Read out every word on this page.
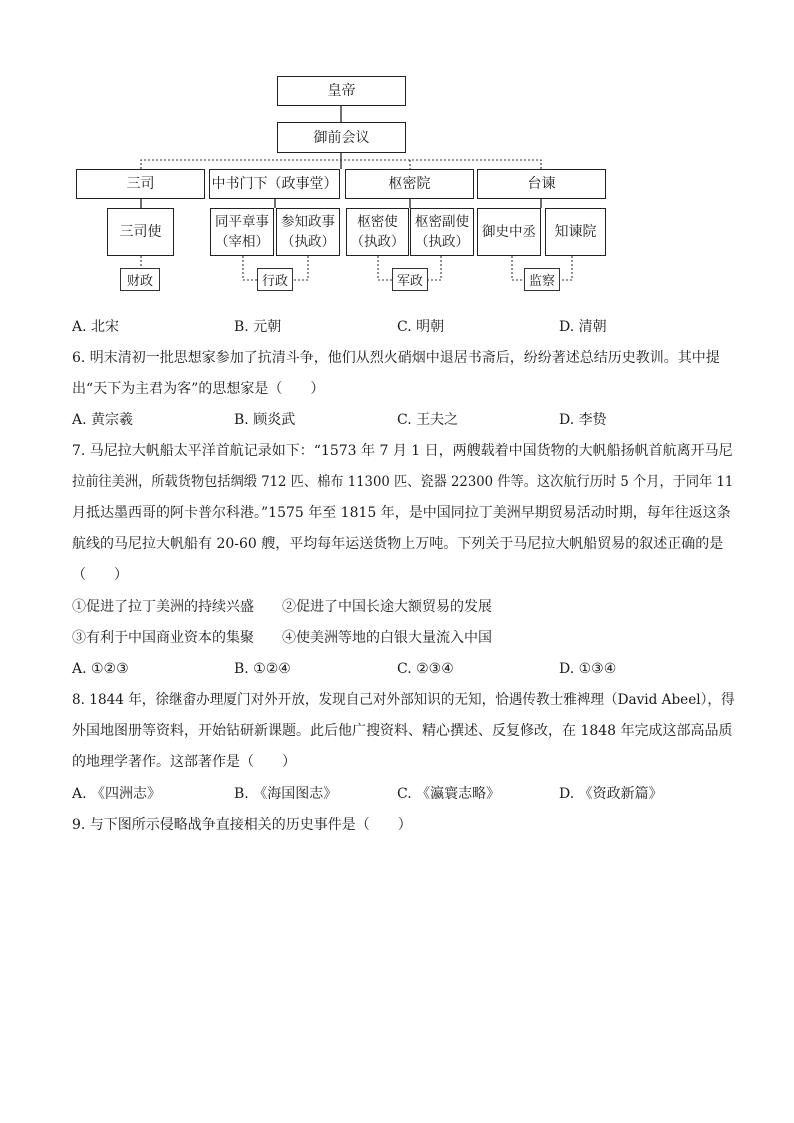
皇帝
御前会议
三司	中书门下（政事堂）	枢密院	台谏
三司使
同平章事
（宰相）
参知政事
（执政）
枢密使
（执政）
枢密副使
（执政）
御史中丞	知谏院
财政	行政	军政	监察
A. 北宋	B. 元朝	C. 明朝	D. 清朝
6. 明末清初一批思想家参加了抗清斗争，他们从烈火硝烟中退居书斋后，纷纷著述总结历史教训。其中提
出“天下为主君为客”的思想家是（　　）
A. 黄宗羲	B. 顾炎武	C. 王夫之	D. 李贽
7. 马尼拉大帆船太平洋首航记录如下：“1573 年 7 月 1 日，两艘载着中国货物的大帆船扬帆首航离开马尼
拉前往美洲，所载货物包括绸缎 712 匹、棉布 11300 匹、瓷器 22300 件等。这次航行历时 5 个月，于同年 11
月抵达墨西哥的阿卡普尔科港。”1575 年至 1815 年，是中国同拉丁美洲早期贸易活动时期，每年往返这条
航线的马尼拉大帆船有 20-60 艘，平均每年运送货物上万吨。下列关于马尼拉大帆船贸易的叙述正确的是
（　　）
①促进了拉丁美洲的持续兴盛 ②促进了中国长途大额贸易的发展
③有利于中国商业资本的集聚 ④使美洲等地的白银大量流入中国
A. ①②③	B. ①②④	C. ②③④	D. ①③④
8. 1844 年，徐继畬办理厦门对外开放，发现自己对外部知识的无知，恰遇传教士雅裨理（David Abeel），得
外国地图册等资料，开始钻研新课题。此后他广搜资料、精心撰述、反复修改，在 1848 年完成这部高品质
的地理学著作。这部著作是（　　）
A. 《四洲志》	B. 《海国图志》	C. 《瀛寰志略》	D. 《资政新篇》
9. 与下图所示侵略战争直接相关的历史事件是（　　）
